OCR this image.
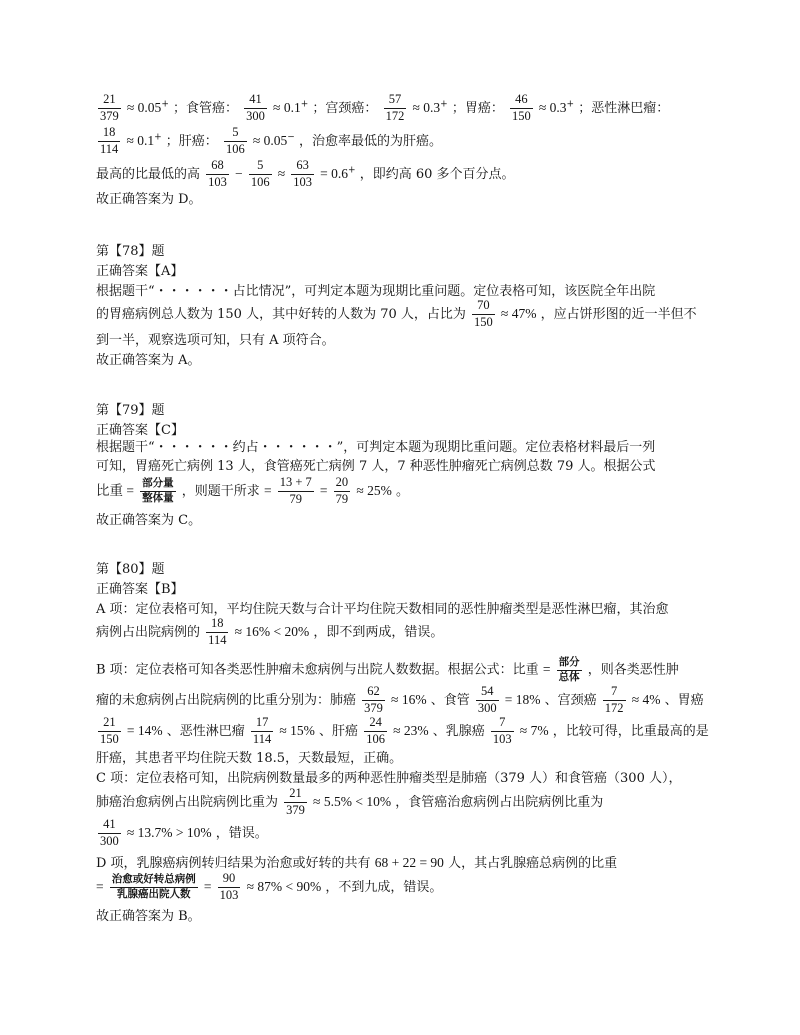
$\frac{21}{379} \approx 0.05^+$ ；食管癌： $\frac{41}{300} \approx 0.1^+$ ；宫颈癌： $\frac{57}{172} \approx 0.3^+$ ；胃癌： $\frac{46}{150} \approx 0.3^+$ ；恶性淋巴瘤：
$\frac{18}{114} \approx 0.1^+$ ；肝癌： $\frac{5}{106} \approx 0.05^-$ ，治愈率最低的为肝癌。
最高的比最低的高 $\frac{68}{103} - \frac{5}{106} \approx \frac{63}{103} = 0.6^+$ ，即约高 60 多个百分点。
故正确答案为 D。
第【78】题
正确答案【A】
根据题干“・・・・・・占比情况”，可判定本题为现期比重问题。定位表格可知，该医院全年出院
的胃癌病例总人数为 150 人，其中好转的人数为 70 人，占比为 $\frac{70}{150} \approx 47\%$ ，应占饼形图的近一半但不
到一半，观察选项可知，只有 A 项符合。
故正确答案为 A。
第【79】题
正确答案【C】
根据题干“・・・・・・约占・・・・・・”，可判定本题为现期比重问题。定位表格材料最后一列
可知，胃癌死亡病例 13 人，食管癌死亡病例 7 人，7 种恶性肿瘤死亡病例总数 79 人。根据公式
比重 = $\frac{\text{部分量}}{\text{整体量}}$ ，则题干所求 = $\frac{13 + 7}{79} = \frac{20}{79} \approx 25\%$ 。
故正确答案为 C。
第【80】题
正确答案【B】
A 项：定位表格可知，平均住院天数与合计平均住院天数相同的恶性肿瘤类型是恶性淋巴瘤，其治愈
病例占出院病例的 $\frac{18}{114} \approx 16\% < 20\%$ ，即不到两成，错误。
B 项：定位表格可知各类恶性肿瘤未愈病例与出院人数数据。根据公式：比重 = $\frac{\text{部分}}{\text{总体}}$ ，则各类恶性肿
瘤的未愈病例占出院病例的比重分别为：肺癌 $\frac{62}{379} \approx 16\%$ 、食管 $\frac{54}{300} = 18\%$ 、宫颈癌 $\frac{7}{172} \approx 4\%$ 、胃癌
$\frac{21}{150} = 14\%$ 、恶性淋巴瘤 $\frac{17}{114} \approx 15\%$ 、肝癌 $\frac{24}{106} \approx 23\%$ 、乳腺癌 $\frac{7}{103} \approx 7\%$ ，比较可得，比重最高的是
肝癌，其患者平均住院天数 18.5，天数最短，正确。
C 项：定位表格可知，出院病例数量最多的两种恶性肿瘤类型是肺癌（379 人）和食管癌（300 人），
肺癌治愈病例占出院病例比重为 $\frac{21}{379} \approx 5.5\% < 10\%$ ，食管癌治愈病例占出院病例比重为
$\frac{41}{300} \approx 13.7\% > 10\%$ ，错误。
D 项，乳腺癌病例转归结果为治愈或好转的共有 68 + 22 = 90 人，其占乳腺癌总病例的比重
= $\frac{\text{治愈或好转总病例}}{\text{乳腺癌出院人数}} = \frac{90}{103} \approx 87\% < 90\%$ ，不到九成，错误。
故正确答案为 B。
